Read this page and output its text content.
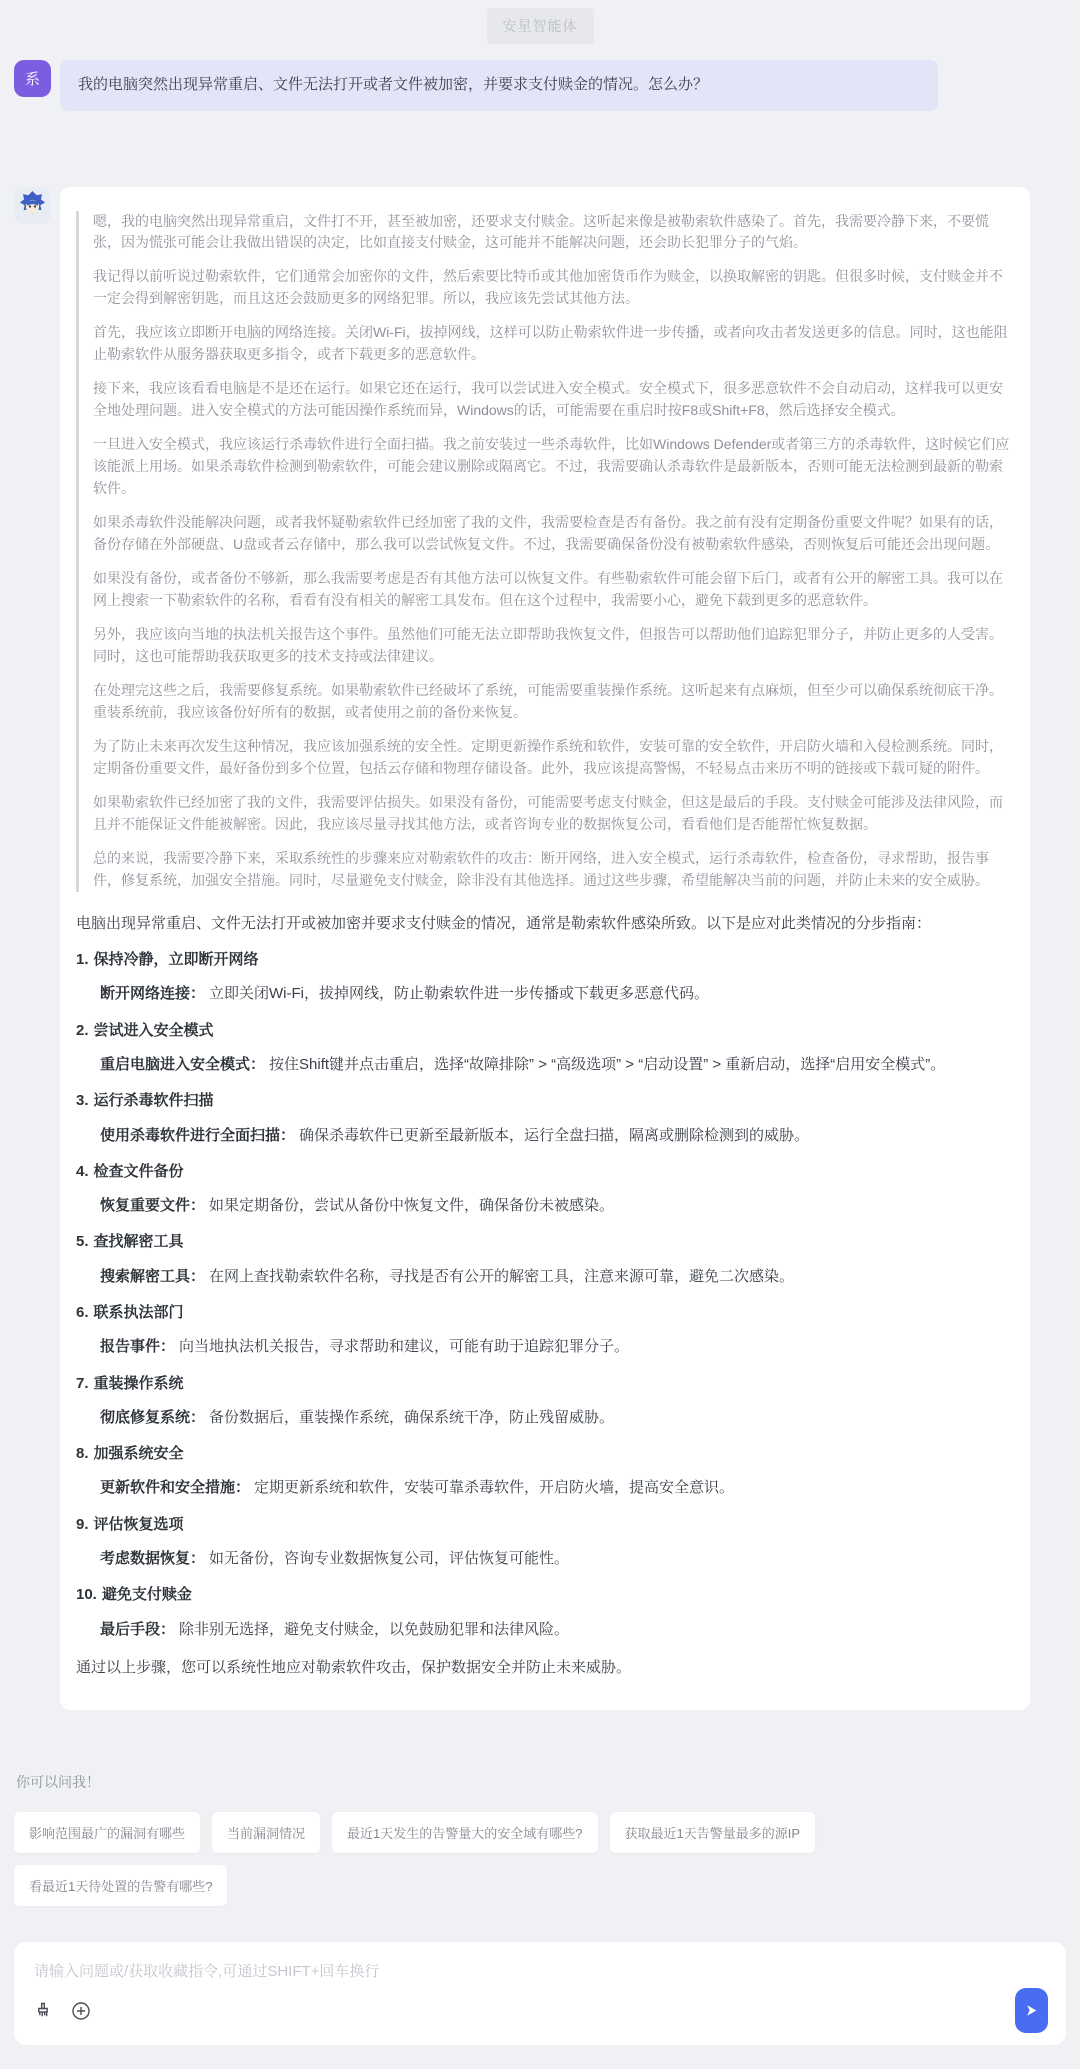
安星智能体
系	我的电脑突然出现异常重启、文件无法打开或者文件被加密，并要求支付赎金的情况。怎么办？

嗯，我的电脑突然出现异常重启，文件打不开，甚至被加密，还要求支付赎金。这听起来像是被勒索软件感染了。首先，我需要冷静下来，不要慌张，因为慌张可能会让我做出错误的决定，比如直接支付赎金，这可能并不能解决问题，还会助长犯罪分子的气焰。

我记得以前听说过勒索软件，它们通常会加密你的文件，然后索要比特币或其他加密货币作为赎金，以换取解密的钥匙。但很多时候，支付赎金并不一定会得到解密钥匙，而且这还会鼓励更多的网络犯罪。所以，我应该先尝试其他方法。

首先，我应该立即断开电脑的网络连接。关闭Wi-Fi，拔掉网线，这样可以防止勒索软件进一步传播，或者向攻击者发送更多的信息。同时，这也能阻止勒索软件从服务器获取更多指令，或者下载更多的恶意软件。

接下来，我应该看看电脑是不是还在运行。如果它还在运行，我可以尝试进入安全模式。安全模式下，很多恶意软件不会自动启动，这样我可以更安全地处理问题。进入安全模式的方法可能因操作系统而异，Windows的话，可能需要在重启时按F8或Shift+F8，然后选择安全模式。

一旦进入安全模式，我应该运行杀毒软件进行全面扫描。我之前安装过一些杀毒软件，比如Windows Defender或者第三方的杀毒软件，这时候它们应该能派上用场。如果杀毒软件检测到勒索软件，可能会建议删除或隔离它。不过，我需要确认杀毒软件是最新版本，否则可能无法检测到最新的勒索软件。

如果杀毒软件没能解决问题，或者我怀疑勒索软件已经加密了我的文件，我需要检查是否有备份。我之前有没有定期备份重要文件呢？如果有的话，备份存储在外部硬盘、U盘或者云存储中，那么我可以尝试恢复文件。不过，我需要确保备份没有被勒索软件感染，否则恢复后可能还会出现问题。

如果没有备份，或者备份不够新，那么我需要考虑是否有其他方法可以恢复文件。有些勒索软件可能会留下后门，或者有公开的解密工具。我可以在网上搜索一下勒索软件的名称，看看有没有相关的解密工具发布。但在这个过程中，我需要小心，避免下载到更多的恶意软件。

另外，我应该向当地的执法机关报告这个事件。虽然他们可能无法立即帮助我恢复文件，但报告可以帮助他们追踪犯罪分子，并防止更多的人受害。同时，这也可能帮助我获取更多的技术支持或法律建议。

在处理完这些之后，我需要修复系统。如果勒索软件已经破坏了系统，可能需要重装操作系统。这听起来有点麻烦，但至少可以确保系统彻底干净。重装系统前，我应该备份好所有的数据，或者使用之前的备份来恢复。

为了防止未来再次发生这种情况，我应该加强系统的安全性。定期更新操作系统和软件，安装可靠的安全软件，开启防火墙和入侵检测系统。同时，定期备份重要文件，最好备份到多个位置，包括云存储和物理存储设备。此外，我应该提高警惕，不轻易点击来历不明的链接或下载可疑的附件。

如果勒索软件已经加密了我的文件，我需要评估损失。如果没有备份，可能需要考虑支付赎金，但这是最后的手段。支付赎金可能涉及法律风险，而且并不能保证文件能被解密。因此，我应该尽量寻找其他方法，或者咨询专业的数据恢复公司，看看他们是否能帮忙恢复数据。

总的来说，我需要冷静下来，采取系统性的步骤来应对勒索软件的攻击：断开网络，进入安全模式，运行杀毒软件，检查备份，寻求帮助，报告事件，修复系统，加强安全措施。同时，尽量避免支付赎金，除非没有其他选择。通过这些步骤，希望能解决当前的问题，并防止未来的安全威胁。

电脑出现异常重启、文件无法打开或被加密并要求支付赎金的情况，通常是勒索软件感染所致。以下是应对此类情况的分步指南：

1. 保持冷静，立即断开网络
断开网络连接： 立即关闭Wi-Fi，拔掉网线，防止勒索软件进一步传播或下载更多恶意代码。
2. 尝试进入安全模式
重启电脑进入安全模式： 按住Shift键并点击重启，选择“故障排除” > “高级选项” > “启动设置” > 重新启动，选择“启用安全模式”。
3. 运行杀毒软件扫描
使用杀毒软件进行全面扫描： 确保杀毒软件已更新至最新版本，运行全盘扫描，隔离或删除检测到的威胁。
4. 检查文件备份
恢复重要文件： 如果定期备份，尝试从备份中恢复文件，确保备份未被感染。
5. 查找解密工具
搜索解密工具： 在网上查找勒索软件名称，寻找是否有公开的解密工具，注意来源可靠，避免二次感染。
6. 联系执法部门
报告事件： 向当地执法机关报告，寻求帮助和建议，可能有助于追踪犯罪分子。
7. 重装操作系统
彻底修复系统： 备份数据后，重装操作系统，确保系统干净，防止残留威胁。
8. 加强系统安全
更新软件和安全措施： 定期更新系统和软件，安装可靠杀毒软件，开启防火墙，提高安全意识。
9. 评估恢复选项
考虑数据恢复： 如无备份，咨询专业数据恢复公司，评估恢复可能性。
10. 避免支付赎金
最后手段： 除非别无选择，避免支付赎金，以免鼓励犯罪和法律风险。

通过以上步骤，您可以系统性地应对勒索软件攻击，保护数据安全并防止未来威胁。

你可以问我！
影响范围最广的漏洞有哪些	当前漏洞情况	最近1天发生的告警量大的安全域有哪些?	获取最近1天告警量最多的源IP
看最近1天待处置的告警有哪些?
请输入问题或/获取收藏指令,可通过SHIFT+回车换行
